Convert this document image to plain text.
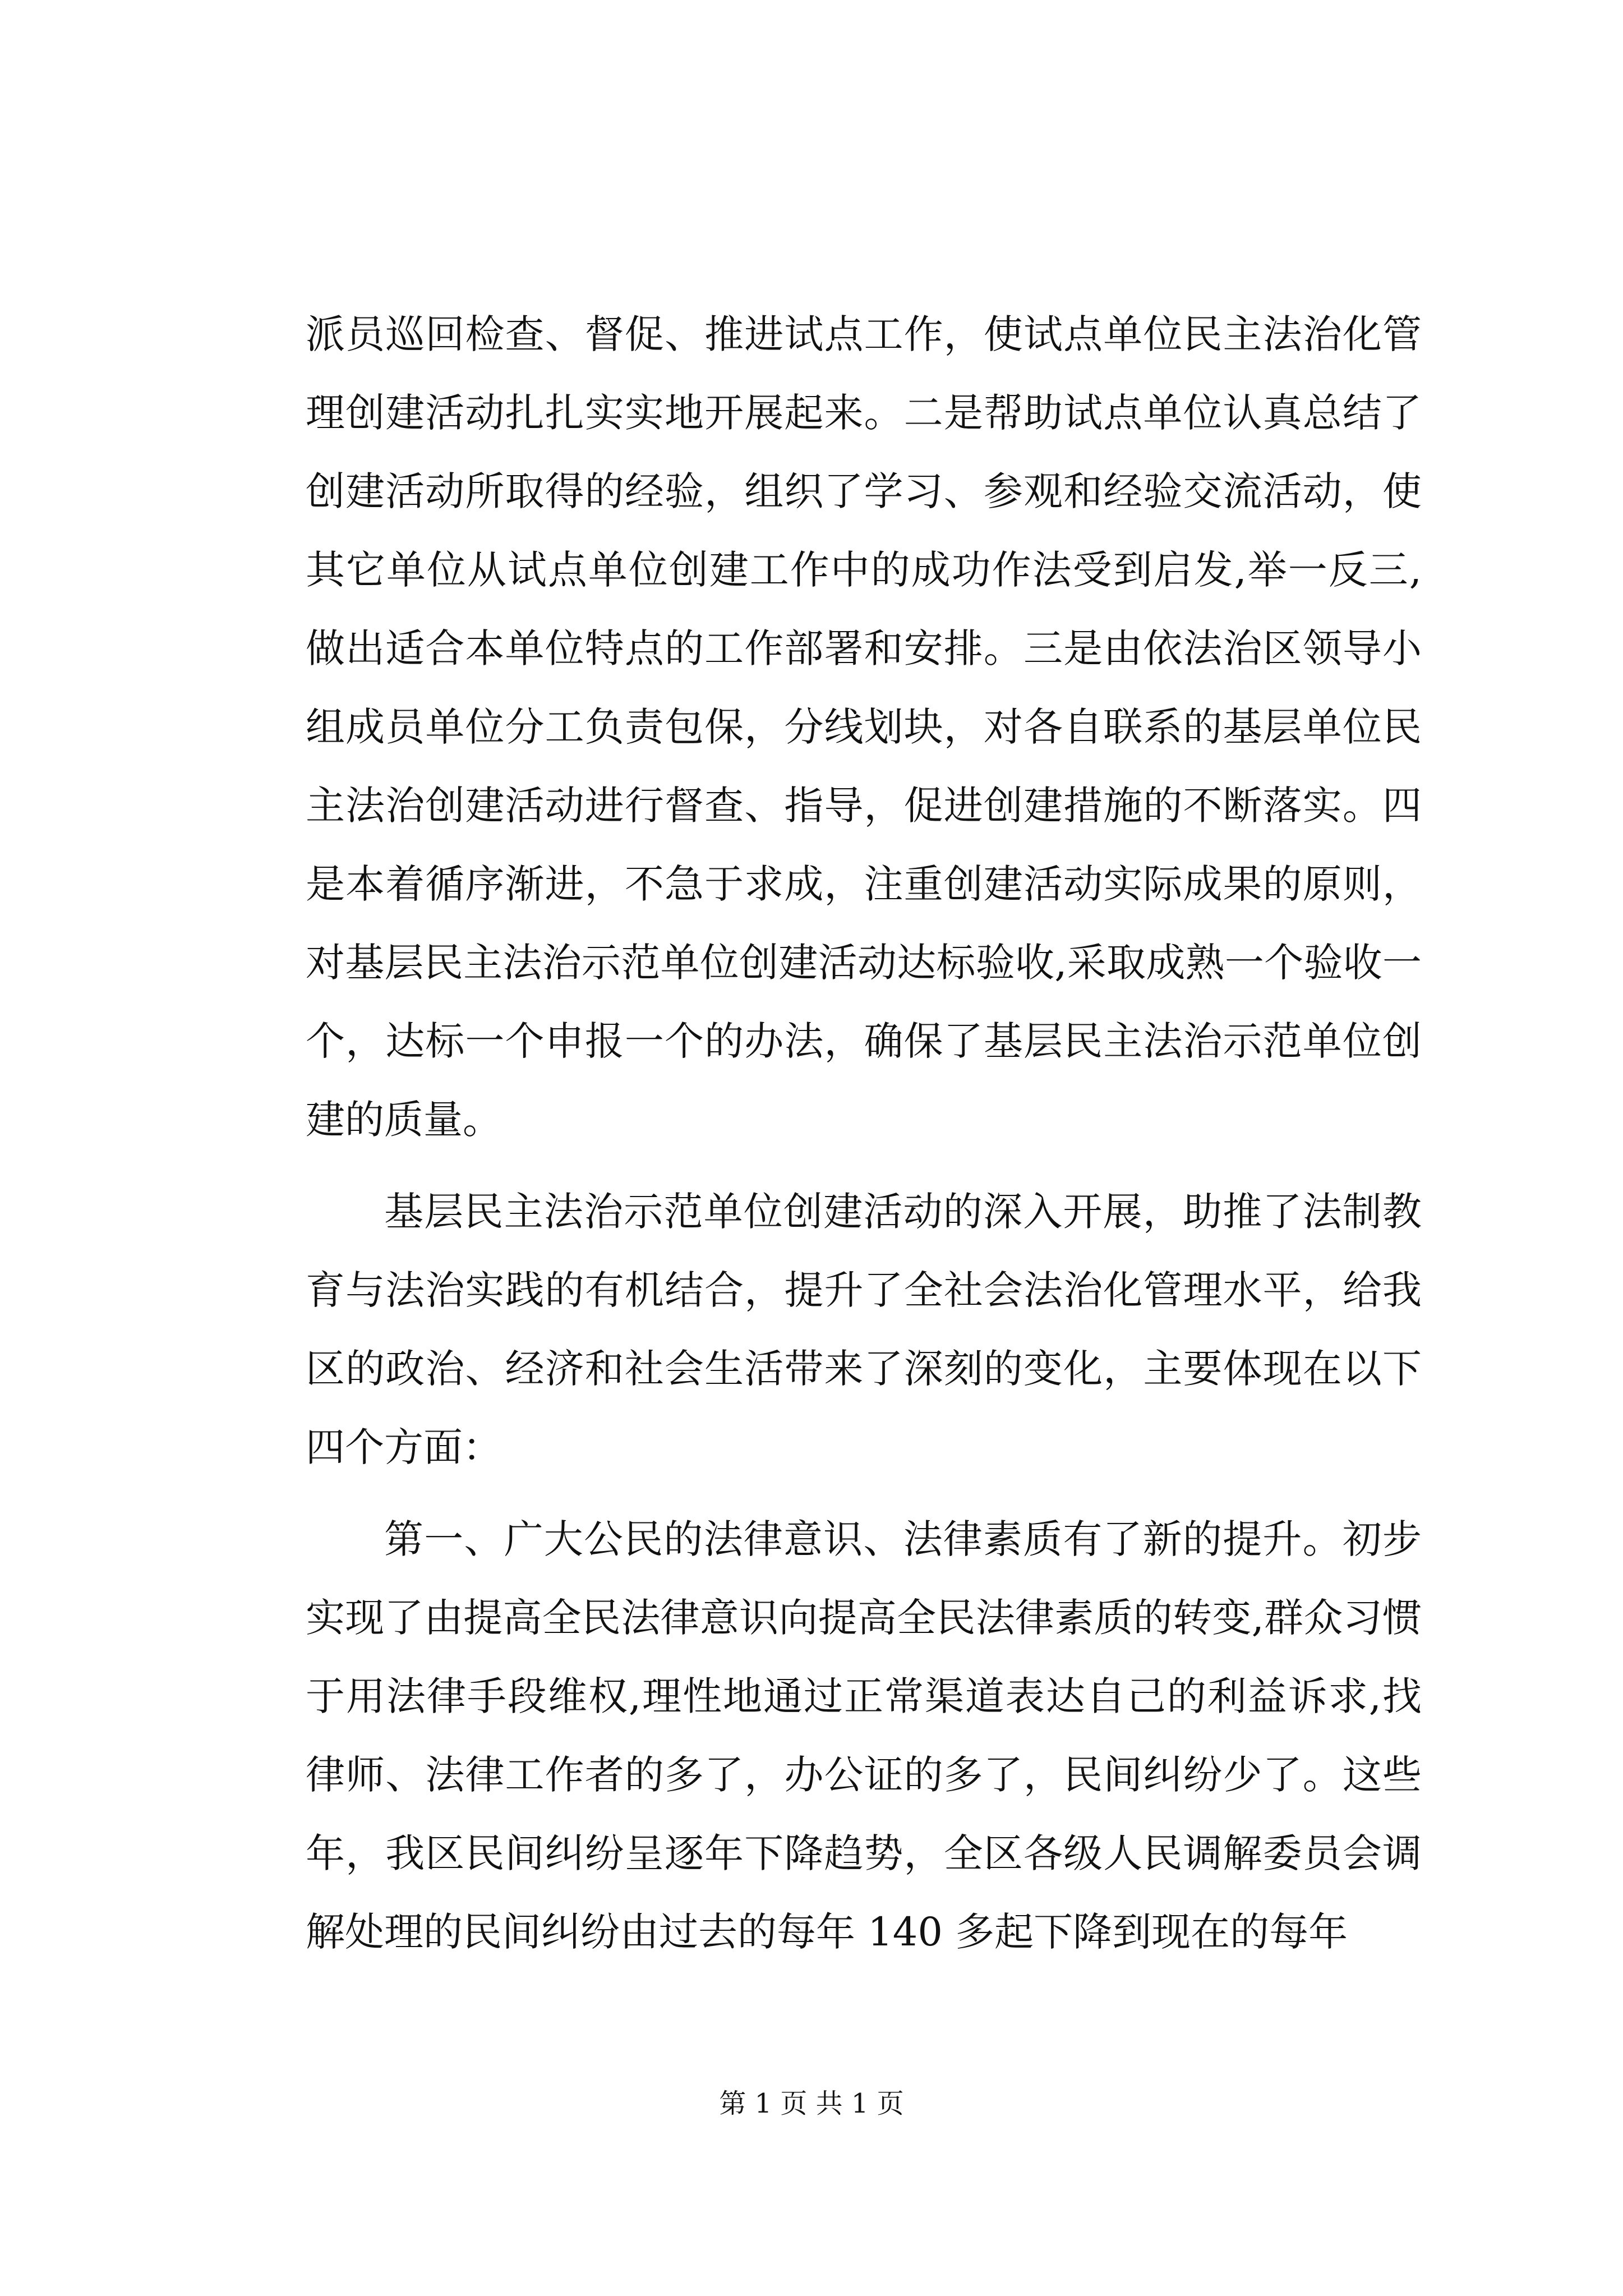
派员巡回检查、督促、推进试点工作，使试点单位民主法治化管理创建活动扎扎实实地开展起来。二是帮助试点单位认真总结了创建活动所取得的经验，组织了学习、参观和经验交流活动，使其它单位从试点单位创建工作中的成功作法受到启发,举一反三,做出适合本单位特点的工作部署和安排。三是由依法治区领导小组成员单位分工负责包保，分线划块，对各自联系的基层单位民主法治创建活动进行督查、指导，促进创建措施的不断落实。四是本着循序渐进，不急于求成，注重创建活动实际成果的原则，对基层民主法治示范单位创建活动达标验收,采取成熟一个验收一个，达标一个申报一个的办法，确保了基层民主法治示范单位创建的质量。

基层民主法治示范单位创建活动的深入开展，助推了法制教育与法治实践的有机结合，提升了全社会法治化管理水平，给我区的政治、经济和社会生活带来了深刻的变化，主要体现在以下四个方面：

第一、广大公民的法律意识、法律素质有了新的提升。初步实现了由提高全民法律意识向提高全民法律素质的转变,群众习惯于用法律手段维权,理性地通过正常渠道表达自己的利益诉求,找律师、法律工作者的多了，办公证的多了，民间纠纷少了。这些年，我区民间纠纷呈逐年下降趋势，全区各级人民调解委员会调解处理的民间纠纷由过去的每年 140 多起下降到现在的每年

第 1 页 共 1 页
